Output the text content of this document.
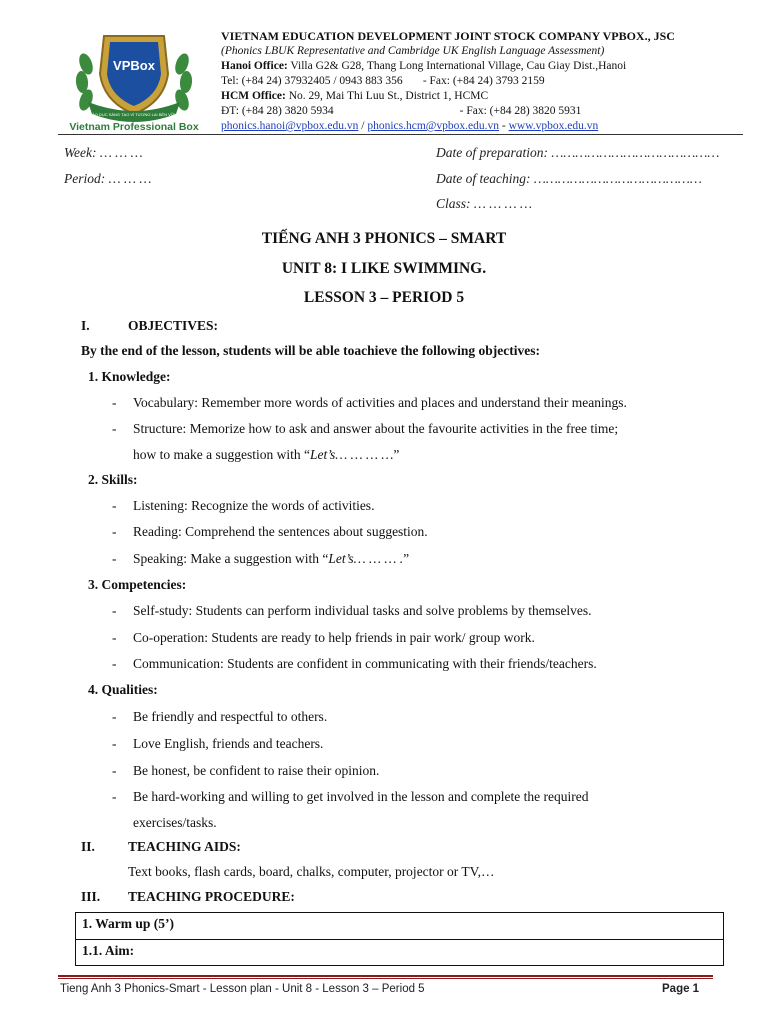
VPBox
GIÁO DỤC SÁNG TẠO VÌ TƯƠNG LAI BỀN VỮNG
Vietnam Professional Box
VIETNAM EDUCATION DEVELOPMENT JOINT STOCK COMPANY VPBOX., JSC
(Phonics LBUK Representative and Cambridge UK English Language Assessment)
Hanoi Office: Villa G2& G28, Thang Long International Village, Cau Giay Dist.,Hanoi
Tel: (+84 24) 37932405 / 0943 883 356 - Fax: (+84 24) 3793 2159
HCM Office: No. 29, Mai Thi Luu St., District 1, HCMC
ĐT: (+84 28) 3820 5934	- Fax: (+84 28) 3820 5931
phonics.hanoi@vpbox.edu.vn / phonics.hcm@vpbox.edu.vn - www.vpbox.edu.vn
Week: … … …
Period: … … …
Date of preparation: ……………………………………
Date of teaching: ……………………………………
Class: … … … …
TIẾNG ANH 3 PHONICS – SMART
UNIT 8: I LIKE SWIMMING.
LESSON 3 – PERIOD 5
I.	OBJECTIVES:
By the end of the lesson, students will be able toachieve the following objectives:
1. Knowledge:
- Vocabulary: Remember more words of activities and places and understand their meanings.
- Structure: Memorize how to ask and answer about the favourite activities in the free time;
how to make a suggestion with “Let’s… … … …”
2. Skills:
- Listening: Recognize the words of activities.
- Reading: Comprehend the sentences about suggestion.
- Speaking: Make a suggestion with “Let’s… … … .”
3. Competencies:
- Self-study: Students can perform individual tasks and solve problems by themselves.
- Co-operation: Students are ready to help friends in pair work/ group work.
- Communication: Students are confident in communicating with their friends/teachers.
4. Qualities:
- Be friendly and respectful to others.
- Love English, friends and teachers.
- Be honest, be confident to raise their opinion.
- Be hard-working and willing to get involved in the lesson and complete the required
exercises/tasks.
II. TEACHING AIDS:
Text books, flash cards, board, chalks, computer, projector or TV,…
III. TEACHING PROCEDURE:
1. Warm up (5’)
1.1. Aim:
Tieng Anh 3 Phonics-Smart - Lesson plan - Unit 8 - Lesson 3 – Period 5	Page 1
